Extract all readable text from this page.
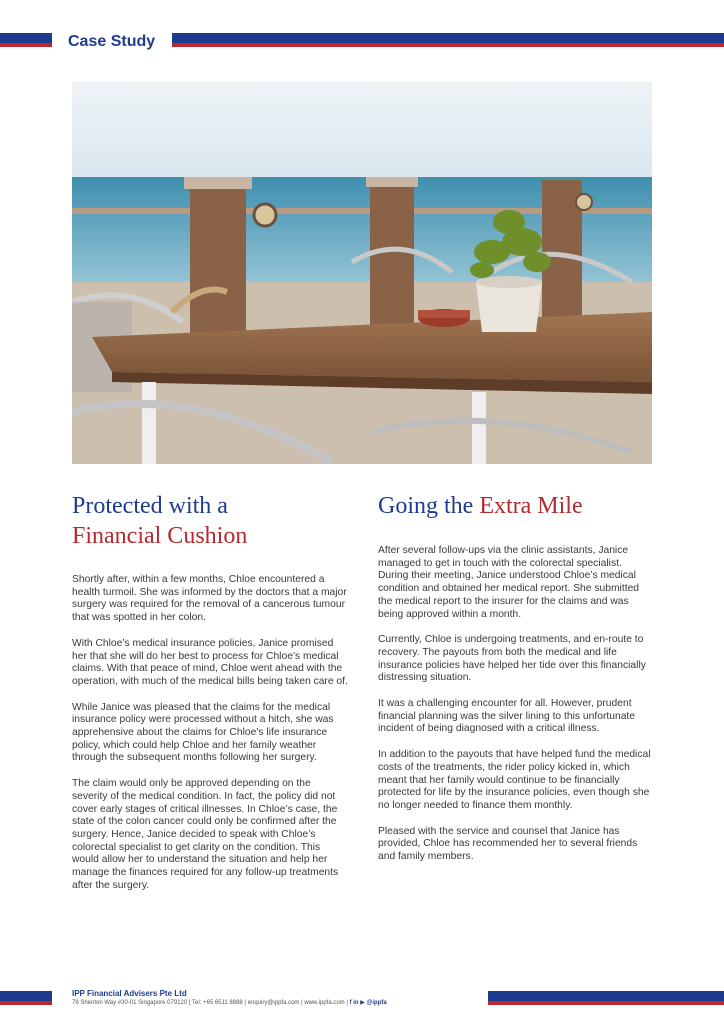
Case Study
Protected with a
Financial Cushion

Shortly after, within a few months, Chloe encountered a health turmoil. She was informed by the doctors that a major surgery was required for the removal of a cancerous tumour that was spotted in her colon.

With Chloe’s medical insurance policies, Janice promised her that she will do her best to process for Chloe’s medical claims. With that peace of mind, Chloe went ahead with the operation, with much of the medical bills being taken care of.

While Janice was pleased that the claims for the medical insurance policy were processed without a hitch, she was apprehensive about the claims for Chloe’s life insurance policy, which could help Chloe and her family weather through the subsequent months following her surgery.

The claim would only be approved depending on the severity of the medical condition. In fact, the policy did not cover early stages of critical illnesses. In Chloe’s case, the state of the colon cancer could only be confirmed after the surgery. Hence, Janice decided to speak with Chloe’s colorectal specialist to get clarity on the condition. This would allow her to understand the situation and help her manage the finances required for any follow-up treatments after the surgery.

Going the Extra Mile

After several follow-ups via the clinic assistants, Janice managed to get in touch with the colorectal specialist. During their meeting, Janice understood Chloe’s medical condition and obtained her medical report. She submitted the medical report to the insurer for the claims and was being approved within a month.

Currently, Chloe is undergoing treatments, and en-route to recovery. The payouts from both the medical and life insurance policies have helped her tide over this financially distressing situation.

It was a challenging encounter for all. However, prudent financial planning was the silver lining to this unfortunate incident of being diagnosed with a critical illness.

In addition to the payouts that have helped fund the medical costs of the treatments, the rider policy kicked in, which meant that her family would continue to be financially protected for life by the insurance policies, even though she no longer needed to finance them monthly.

Pleased with the service and counsel that Janice has provided, Chloe has recommended her to several friends and family members.

IPP Financial Advisers Pte Ltd
78 Shenton Way #30-01 Singapore 079120 | Tel: +65 6511 8888 | enquiry@ippfa.com | www.ippfa.com | f in ▶ @ippfa
